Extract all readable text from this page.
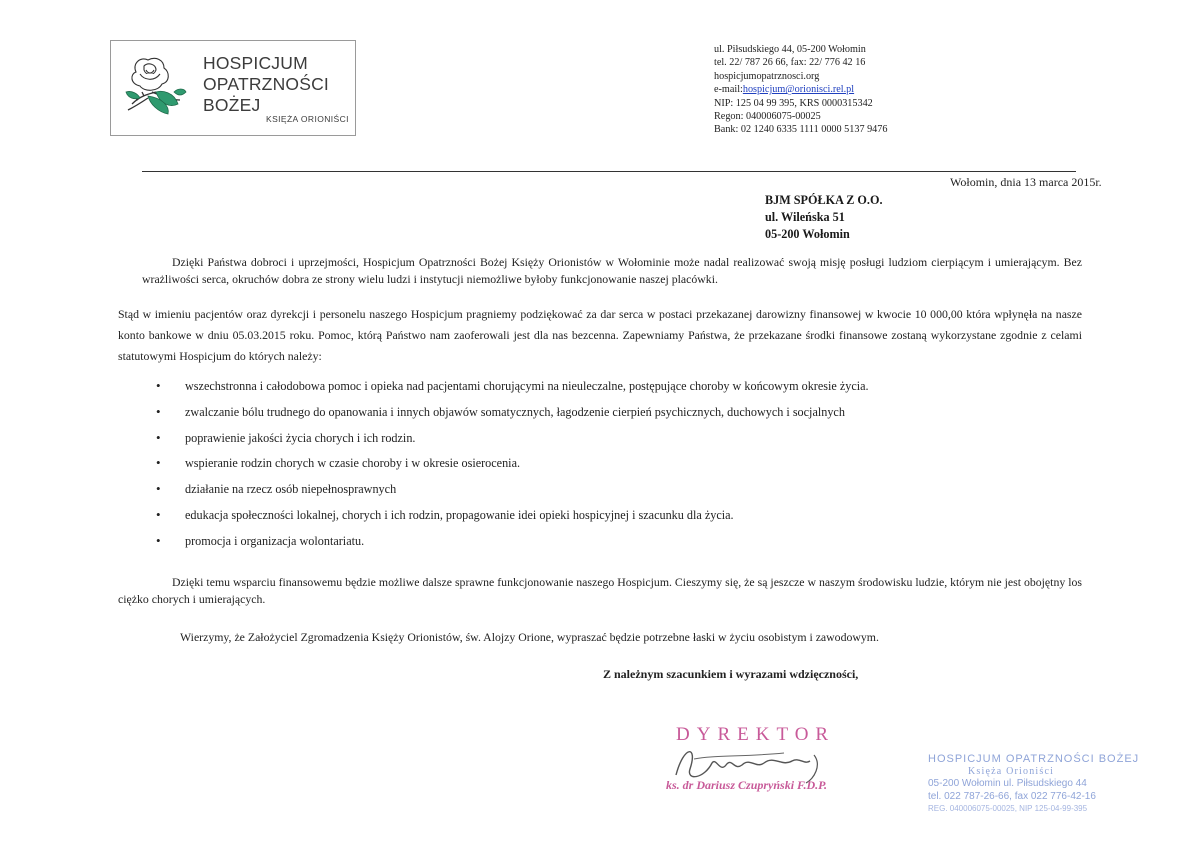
HOSPICJUM
OPATRZNOŚCI
BOŻEJ
KSIĘŻA ORIONIŚCI
ul. Piłsudskiego 44, 05-200 Wołomin
tel. 22/ 787 26 66, fax: 22/ 776 42 16
hospicjumopatrznosci.org
e-mail:hospicjum@orionisci.rel.pl
NIP: 125 04 99 395, KRS 0000315342
Regon: 040006075-00025
Bank: 02 1240 6335 1111 0000 5137 9476
Wołomin, dnia 13 marca 2015r.
BJM SPÓŁKA Z O.O.
ul. Wileńska 51
05-200 Wołomin
Dzięki Państwa dobroci i uprzejmości, Hospicjum Opatrzności Bożej Księży Orionistów w Wołominie może nadal realizować swoją misję posługi ludziom cierpiącym i umierającym. Bez wrażliwości serca, okruchów dobra ze strony wielu ludzi i instytucji niemożliwe byłoby funkcjonowanie naszej placówki.
Stąd w imieniu pacjentów oraz dyrekcji i personelu naszego Hospicjum pragniemy podziękować za dar serca w postaci przekazanej darowizny finansowej w kwocie 10 000,00 która wpłynęła na nasze konto bankowe w dniu 05.03.2015 roku. Pomoc, którą Państwo nam zaoferowali jest dla nas bezcenna. Zapewniamy Państwa, że przekazane środki finansowe zostaną wykorzystane zgodnie z celami statutowymi Hospicjum do których należy:
• wszechstronna i całodobowa pomoc i opieka nad pacjentami chorującymi na nieuleczalne, postępujące choroby w końcowym okresie życia.
• zwalczanie bólu trudnego do opanowania i innych objawów somatycznych, łagodzenie cierpień psychicznych, duchowych i socjalnych
• poprawienie jakości życia chorych i ich rodzin.
• wspieranie rodzin chorych w czasie choroby i w okresie osierocenia.
• działanie na rzecz osób niepełnosprawnych
• edukacja społeczności lokalnej, chorych i ich rodzin, propagowanie idei opieki hospicyjnej i szacunku dla życia.
• promocja i organizacja wolontariatu.
Dzięki temu wsparciu finansowemu będzie możliwe dalsze sprawne funkcjonowanie naszego Hospicjum. Cieszymy się, że są jeszcze w naszym środowisku ludzie, którym nie jest obojętny los ciężko chorych i umierających.
Wierzymy, że Założyciel Zgromadzenia Księży Orionistów, św. Alojzy Orione, wypraszać będzie potrzebne łaski w życiu osobistym i zawodowym.
Z należnym szacunkiem i wyrazami wdzięczności,
DYREKTOR
ks. dr Dariusz Czupryński F.D.P.
HOSPICJUM OPATRZNOŚCI BOŻEJ
Księża Orioniści
05-200 Wołomin ul. Piłsudskiego 44
tel. 022 787-26-66, fax 022 776-42-16
REG. 040006075-00025, NIP 125-04-99-395
